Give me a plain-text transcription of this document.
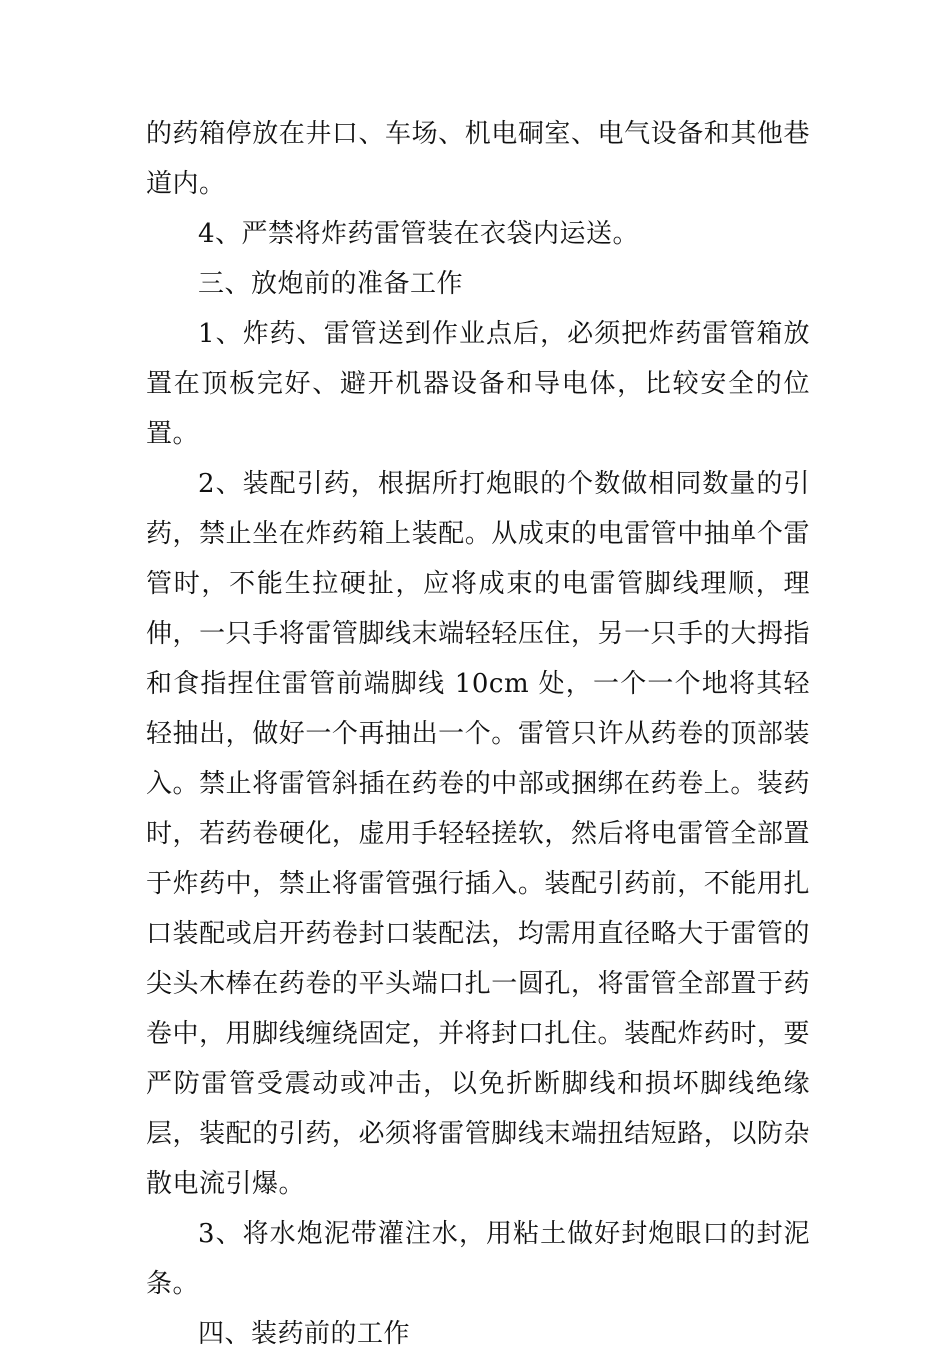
的药箱停放在井口、车场、机电硐室、电气设备和其他巷道内。

4、严禁将炸药雷管装在衣袋内运送。

三、放炮前的准备工作

1、炸药、雷管送到作业点后，必须把炸药雷管箱放置在顶板完好、避开机器设备和导电体，比较安全的位置。

2、装配引药，根据所打炮眼的个数做相同数量的引药，禁止坐在炸药箱上装配。从成束的电雷管中抽单个雷管时，不能生拉硬扯，应将成束的电雷管脚线理顺，理伸，一只手将雷管脚线末端轻轻压住，另一只手的大拇指和食指捏住雷管前端脚线 10cm 处，一个一个地将其轻轻抽出，做好一个再抽出一个。雷管只许从药卷的顶部装入。禁止将雷管斜插在药卷的中部或捆绑在药卷上。装药时，若药卷硬化，虚用手轻轻搓软，然后将电雷管全部置于炸药中，禁止将雷管强行插入。装配引药前，不能用扎口装配或启开药卷封口装配法，均需用直径略大于雷管的尖头木棒在药卷的平头端口扎一圆孔，将雷管全部置于药卷中，用脚线缠绕固定，并将封口扎住。装配炸药时，要严防雷管受震动或冲击，以免折断脚线和损坏脚线绝缘层，装配的引药，必须将雷管脚线末端扭结短路，以防杂散电流引爆。

3、将水炮泥带灌注水，用粘土做好封炮眼口的封泥条。

四、装药前的工作
